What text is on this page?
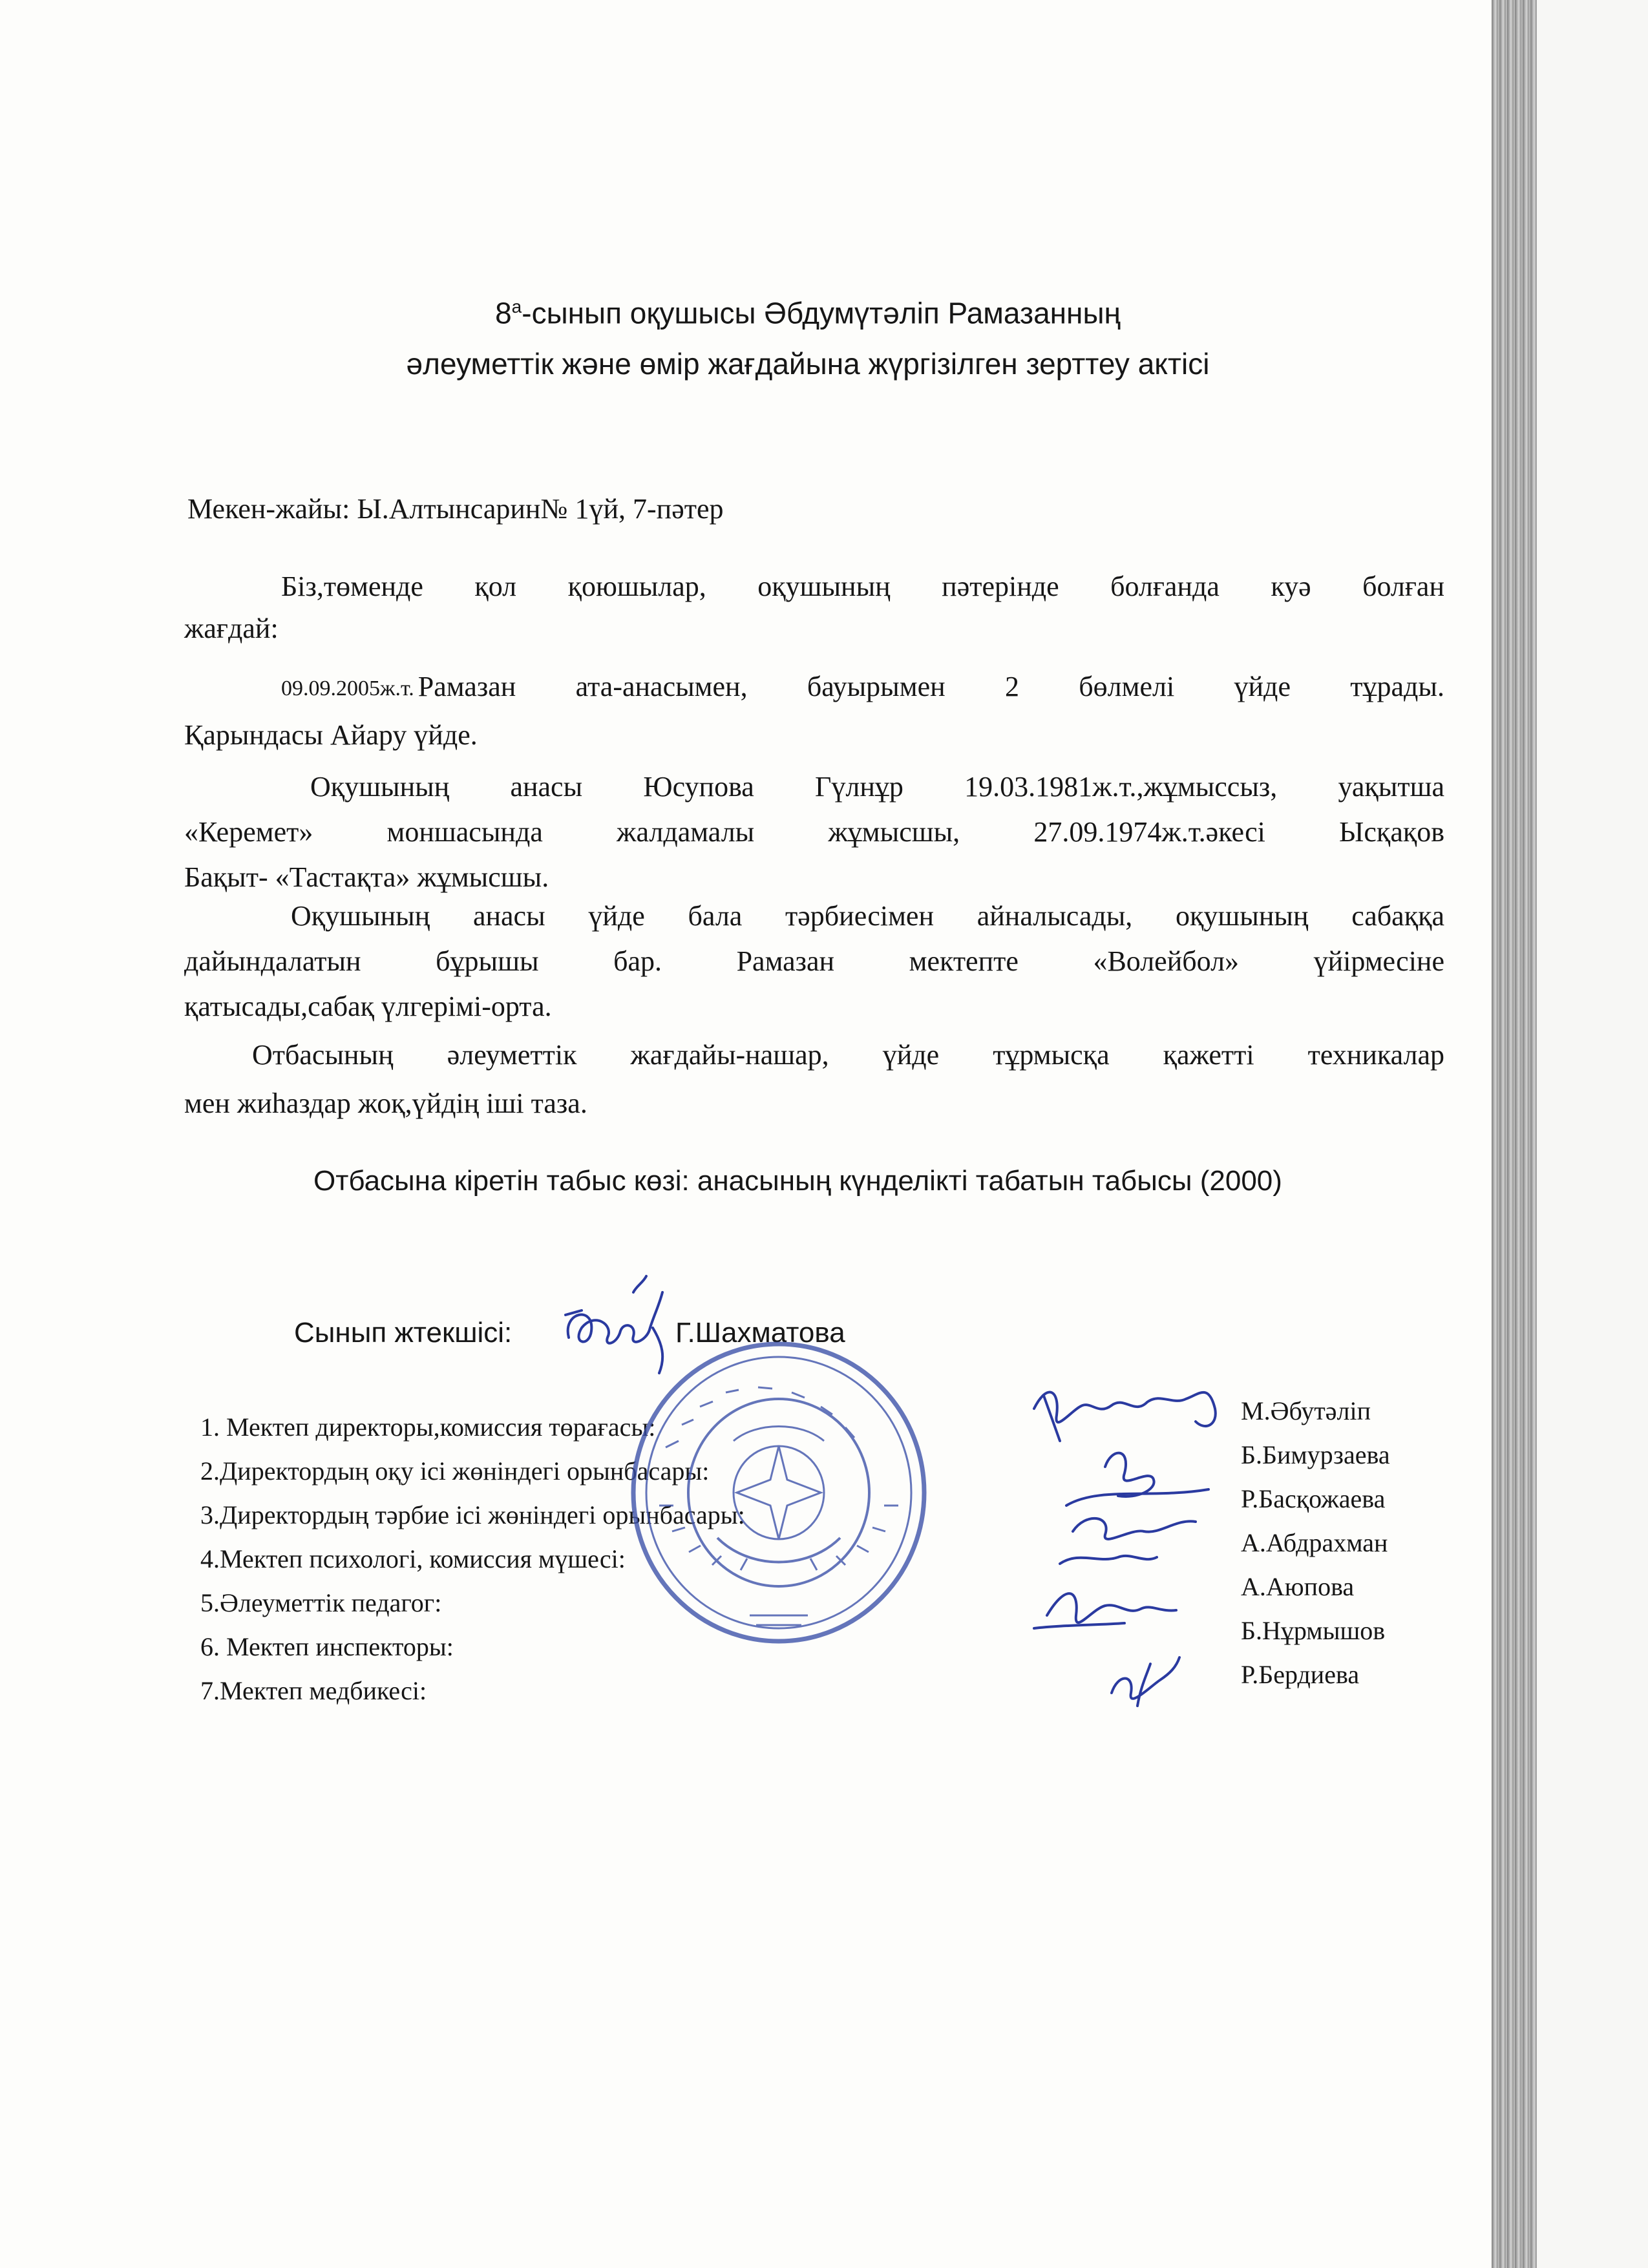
$8^а$-сынып оқушысы Әбдумүтәліп Рамазанның
әлеуметтік және өмір жағдайына жүргізілген зерттеу актісі
Мекен-жайы: Ы.Алтынсарин№ 1үй, 7-пәтер
Біз,төменде қол қоюшылар, оқушының пәтерінде болғанда куә болған
жағдай:
09.09.2005ж.т. Рамазан ата-анасымен, бауырымен 2 бөлмелі үйде тұрады.
Қарындасы Айару үйде.
Оқушының анасы Юсупова Гүлнұр 19.03.1981ж.т.,жұмыссыз, уақытша
«Керемет» моншасында жалдамалы жұмысшы, 27.09.1974ж.т.әкесі Ысқақов
Бақыт- «Тастақта» жұмысшы.
Оқушының анасы үйде бала тәрбиесімен айналысады, оқушының сабаққа
дайындалатын бұрышы бар. Рамазан мектепте «Волейбол» үйірмесіне
қатысады,сабақ үлгерімі-орта.
Отбасының әлеуметтік жағдайы-нашар, үйде тұрмысқа қажетті техникалар
мен жиһаздар жоқ,үйдің іші таза.
Отбасына кіретін табыс көзі: анасының күнделікті табатын табысы (2000)
Сынып жтекшісі:	Г.Шахматова
1. Мектеп директоры,комиссия төрағасы:
2.Директордың оқу ісі жөніндегі орынбасары:
3.Директордың тәрбие ісі жөніндегі орынбасары:
4.Мектеп психологі, комиссия мүшесі:
5.Әлеуметтік педагог:
6. Мектеп инспекторы:
7.Мектеп медбикесі:
М.Әбутәліп
Б.Бимурзаева
Р.Басқожаева
А.Абдрахман
А.Аюпова
Б.Нұрмышов
Р.Бердиева
